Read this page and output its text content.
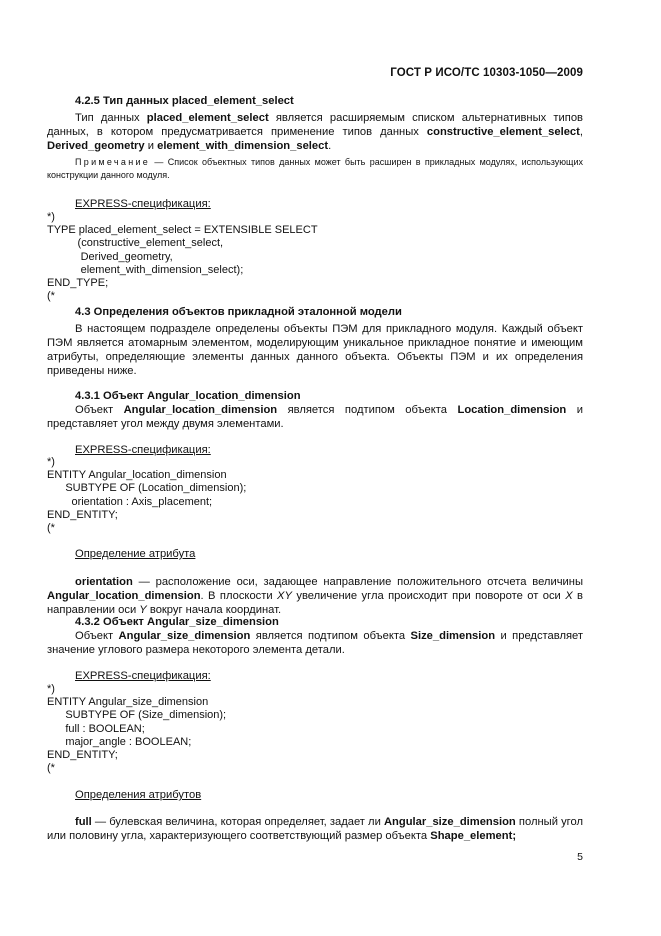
ГОСТ Р ИСО/ТС 10303-1050—2009
4.2.5 Тип данных placed_element_select

Тип данных placed_element_select является расширяемым списком альтернативных типов данных, в котором предусматривается применение типов данных constructive_element_select, Derived_geometry и element_with_dimension_select.

Примечание — Список объектных типов данных может быть расширен в прикладных модулях, использующих конструкции данного модуля.

EXPRESS-спецификация:
*)
TYPE placed_element_select = EXTENSIBLE SELECT
(constructive_element_select,
Derived_geometry,
element_with_dimension_select);
END_TYPE;
(*
4.3 Определения объектов прикладной эталонной модели

В настоящем подразделе определены объекты ПЭМ для прикладного модуля. Каждый объект ПЭМ является атомарным элементом, моделирующим уникальное прикладное понятие и имеющим атрибуты, определяющие элементы данных данного объекта. Объекты ПЭМ и их определения приведены ниже.

4.3.1 Объект Angular_location_dimension

Объект Angular_location_dimension является подтипом объекта Location_dimension и представляет угол между двумя элементами.

EXPRESS-спецификация:
*)
ENTITY Angular_location_dimension
SUBTYPE OF (Location_dimension);
orientation : Axis_placement;
END_ENTITY;
(*
Определение атрибута

orientation — расположение оси, задающее направление положительного отсчета величины Angular_location_dimension. В плоскости XY увеличение угла происходит при повороте от оси X в направлении оси Y вокруг начала координат.

4.3.2 Объект Angular_size_dimension

Объект Angular_size_dimension является подтипом объекта Size_dimension и представляет значение углового размера некоторого элемента детали.

EXPRESS-спецификация:
*)
ENTITY Angular_size_dimension
SUBTYPE OF (Size_dimension);
full : BOOLEAN;
major_angle : BOOLEAN;
END_ENTITY;
(*
Определения атрибутов

full — булевская величина, которая определяет, задает ли Angular_size_dimension полный угол или половину угла, характеризующего соответствующий размер объекта Shape_element;

5
